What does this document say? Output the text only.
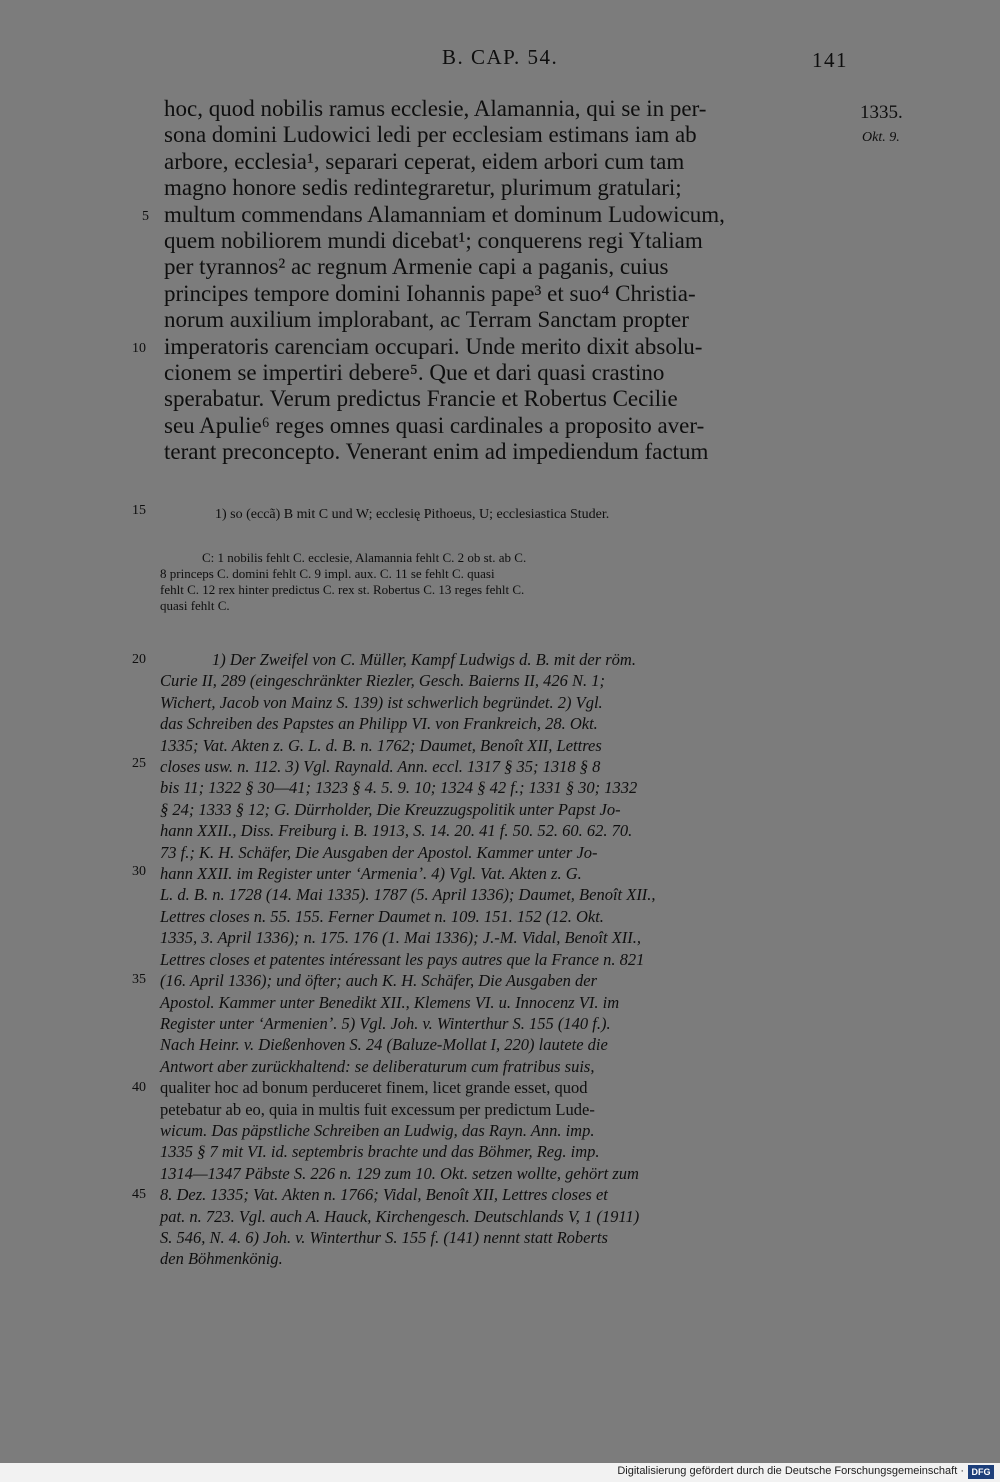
B. CAP. 54.	141
1335.
Okt. 9.
hoc, quod nobilis ramus ecclesie, Alamannia, qui se in per-
sona domini Ludowici ledi per ecclesiam estimans iam ab
arbore, ecclesia¹, separari ceperat, eidem arbori cum tam
magno honore sedis redintegraretur, plurimum gratulari;
multum commendans Alamanniam et dominum Ludowicum,
quem nobiliorem mundi dicebat¹; conquerens regi Ytaliam
per tyrannos² ac regnum Armenie capi a paganis, cuius
principes tempore domini Iohannis pape³ et suo⁴ Christia-
norum auxilium implorabant, ac Terram Sanctam propter
imperatoris carenciam occupari. Unde merito dixit absolu-
cionem se impertiri debere⁵. Que et dari quasi crastino
sperabatur. Verum predictus Francie et Robertus Cecilie
seu Apulie⁶ reges omnes quasi cardinales a proposito aver-
terant preconcepto. Venerant enim ad impediendum factum
5
10
15
20
25
30
35
40
45
1) so (eccã) B mit C und W; ecclesię Pithoeus, U; ecclesiastica Studer.
C: 1 nobilis fehlt C. ecclesie, Alamannia fehlt C. 2 ob st. ab C.
8 princeps C. domini fehlt C. 9 impl. aux. C. 11 se fehlt C. quasi
fehlt C. 12 rex hinter predictus C. rex st. Robertus C. 13 reges fehlt C.
quasi fehlt C.
1) Der Zweifel von C. Müller, Kampf Ludwigs d. B. mit der röm.
Curie II, 289 (eingeschränkter Riezler, Gesch. Baierns II, 426 N. 1;
Wichert, Jacob von Mainz S. 139) ist schwerlich begründet. 2) Vgl.
das Schreiben des Papstes an Philipp VI. von Frankreich, 28. Okt.
1335; Vat. Akten z. G. L. d. B. n. 1762; Daumet, Benoît XII, Lettres
closes usw. n. 112. 3) Vgl. Raynald. Ann. eccl. 1317 § 35; 1318 § 8
bis 11; 1322 § 30—41; 1323 § 4. 5. 9. 10; 1324 § 42 f.; 1331 § 30; 1332
§ 24; 1333 § 12; G. Dürrholder, Die Kreuzzugspolitik unter Papst Jo-
hann XXII., Diss. Freiburg i. B. 1913, S. 14. 20. 41 f. 50. 52. 60. 62. 70.
73 f.; K. H. Schäfer, Die Ausgaben der Apostol. Kammer unter Jo-
hann XXII. im Register unter ʻArmeniaʼ. 4) Vgl. Vat. Akten z. G.
L. d. B. n. 1728 (14. Mai 1335). 1787 (5. April 1336); Daumet, Benoît XII.,
Lettres closes n. 55. 155. Ferner Daumet n. 109. 151. 152 (12. Okt.
1335, 3. April 1336); n. 175. 176 (1. Mai 1336); J.-M. Vidal, Benoît XII.,
Lettres closes et patentes intéressant les pays autres que la France n. 821
(16. April 1336); und öfter; auch K. H. Schäfer, Die Ausgaben der
Apostol. Kammer unter Benedikt XII., Klemens VI. u. Innocenz VI. im
Register unter ʻArmenienʼ. 5) Vgl. Joh. v. Winterthur S. 155 (140 f.).
Nach Heinr. v. Dießenhoven S. 24 (Baluze-Mollat I, 220) lautete die
Antwort aber zurückhaltend: se deliberaturum cum fratribus suis,
qualiter hoc ad bonum perduceret finem, licet grande esset, quod
petebatur ab eo, quia in multis fuit excessum per predictum Lude-
wicum. Das päpstliche Schreiben an Ludwig, das Rayn. Ann. imp.
1335 § 7 mit VI. id. septembris brachte und das Böhmer, Reg. imp.
1314—1347 Päbste S. 226 n. 129 zum 10. Okt. setzen wollte, gehört zum
8. Dez. 1335; Vat. Akten n. 1766; Vidal, Benoît XII, Lettres closes et
pat. n. 723. Vgl. auch A. Hauck, Kirchengesch. Deutschlands V, 1 (1911)
S. 546, N. 4. 6) Joh. v. Winterthur S. 155 f. (141) nennt statt Roberts
den Böhmenkönig.
Digitalisierung gefördert durch die Deutsche Forschungsgemeinschaft · DFG
